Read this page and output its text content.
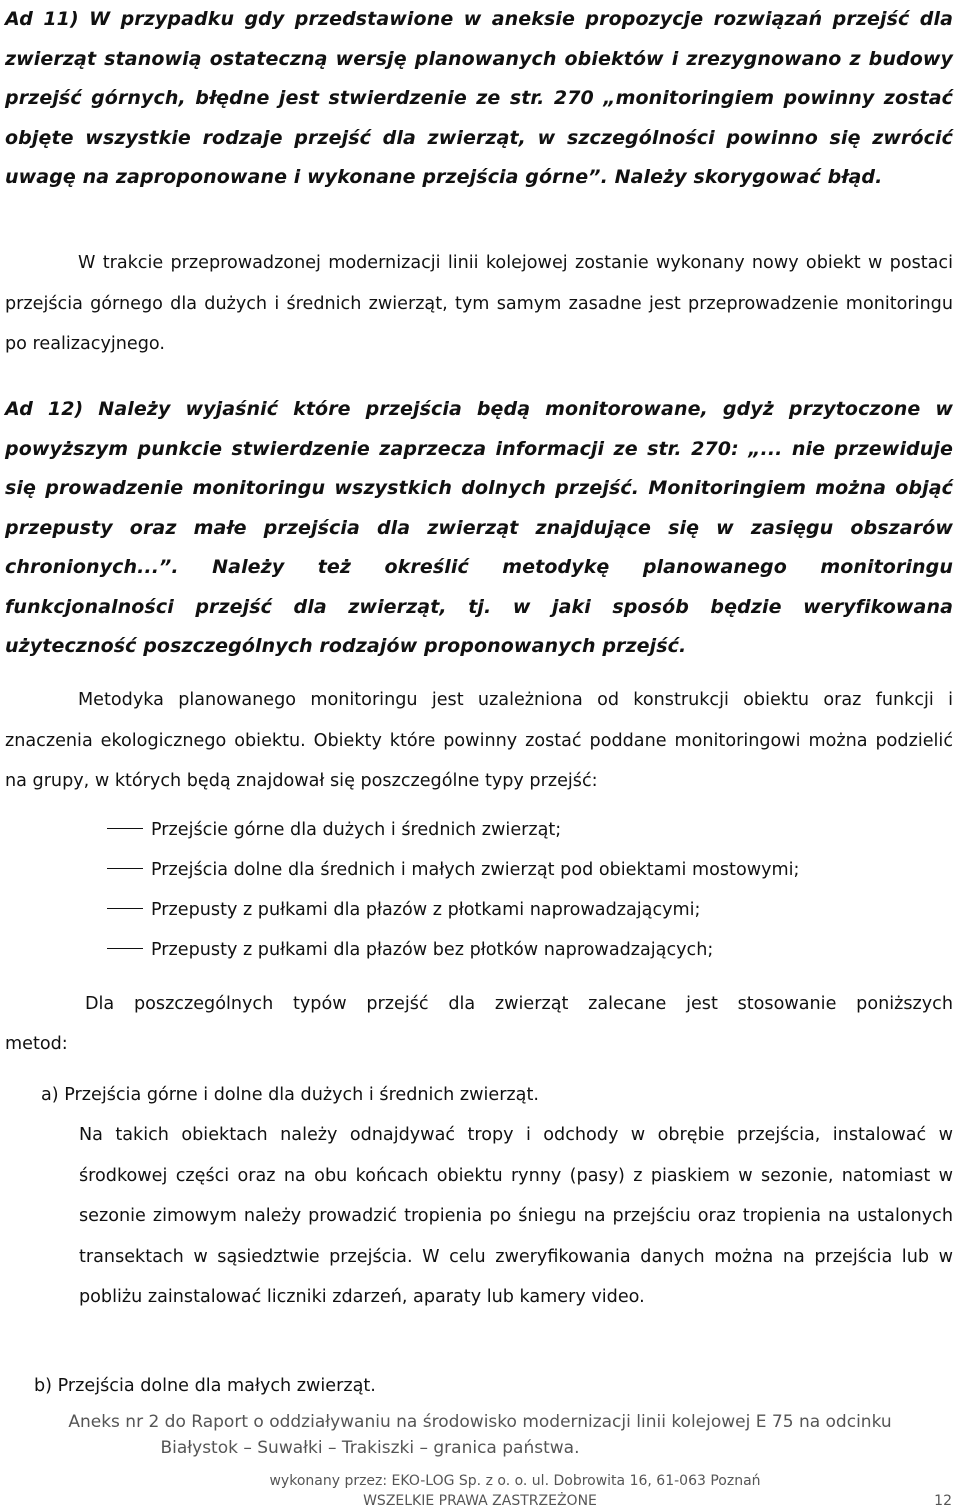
Ad 11) W przypadku gdy przedstawione w aneksie propozycje rozwiązań przejść dla zwierząt stanowią ostateczną wersję planowanych obiektów i zrezygnowano z budowy przejść górnych, błędne jest stwierdzenie ze str. 270 „monitoringiem powinny zostać objęte wszystkie rodzaje przejść dla zwierząt, w szczególności powinno się zwrócić uwagę na zaproponowane i wykonane przejścia górne”. Należy skorygować błąd.
W trakcie przeprowadzonej modernizacji linii kolejowej zostanie wykonany nowy obiekt w postaci przejścia górnego dla dużych i średnich zwierząt, tym samym zasadne jest przeprowadzenie monitoringu po realizacyjnego.
Ad 12) Należy wyjaśnić które przejścia będą monitorowane, gdyż przytoczone w powyższym punkcie stwierdzenie zaprzecza informacji ze str. 270: „... nie przewiduje się prowadzenie monitoringu wszystkich dolnych przejść. Monitoringiem można objąć przepusty oraz małe przejścia dla zwierząt znajdujące się w zasięgu obszarów chronionych...”. Należy też określić metodykę planowanego monitoringu funkcjonalności przejść dla zwierząt, tj. w jaki sposób będzie weryfikowana użyteczność poszczególnych rodzajów proponowanych przejść.
Metodyka planowanego monitoringu jest uzależniona od konstrukcji obiektu oraz funkcji i znaczenia ekologicznego obiektu. Obiekty które powinny zostać poddane monitoringowi można podzielić na grupy, w których będą znajdował się poszczególne typy przejść:
Przejście górne dla dużych i średnich zwierząt;
Przejścia dolne dla średnich i małych zwierząt pod obiektami mostowymi;
Przepusty z pułkami dla płazów z płotkami naprowadzającymi;
Przepusty z pułkami dla płazów bez płotków naprowadzających;
Dla poszczególnych typów przejść dla zwierząt zalecane jest stosowanie poniższych
metod:
a) Przejścia górne i dolne dla dużych i średnich zwierząt.
Na takich obiektach należy odnajdywać tropy i odchody w obrębie przejścia, instalować w środkowej części oraz na obu końcach obiektu rynny (pasy) z piaskiem w sezonie, natomiast w sezonie zimowym należy prowadzić tropienia po śniegu na przejściu oraz tropienia na ustalonych transektach w sąsiedztwie przejścia. W celu zweryfikowania danych można na przejścia lub w pobliżu zainstalować liczniki zdarzeń, aparaty lub kamery video.
b) Przejścia dolne dla małych zwierząt.
Aneks nr 2 do Raport o oddziaływaniu na środowisko modernizacji linii kolejowej E 75 na odcinku
Białystok – Suwałki – Trakiszki – granica państwa.
wykonany przez: EKO-LOG Sp. z o. o. ul. Dobrowita 16, 61-063 Poznań
WSZELKIE PRAWA ZASTRZEŻONE	12
